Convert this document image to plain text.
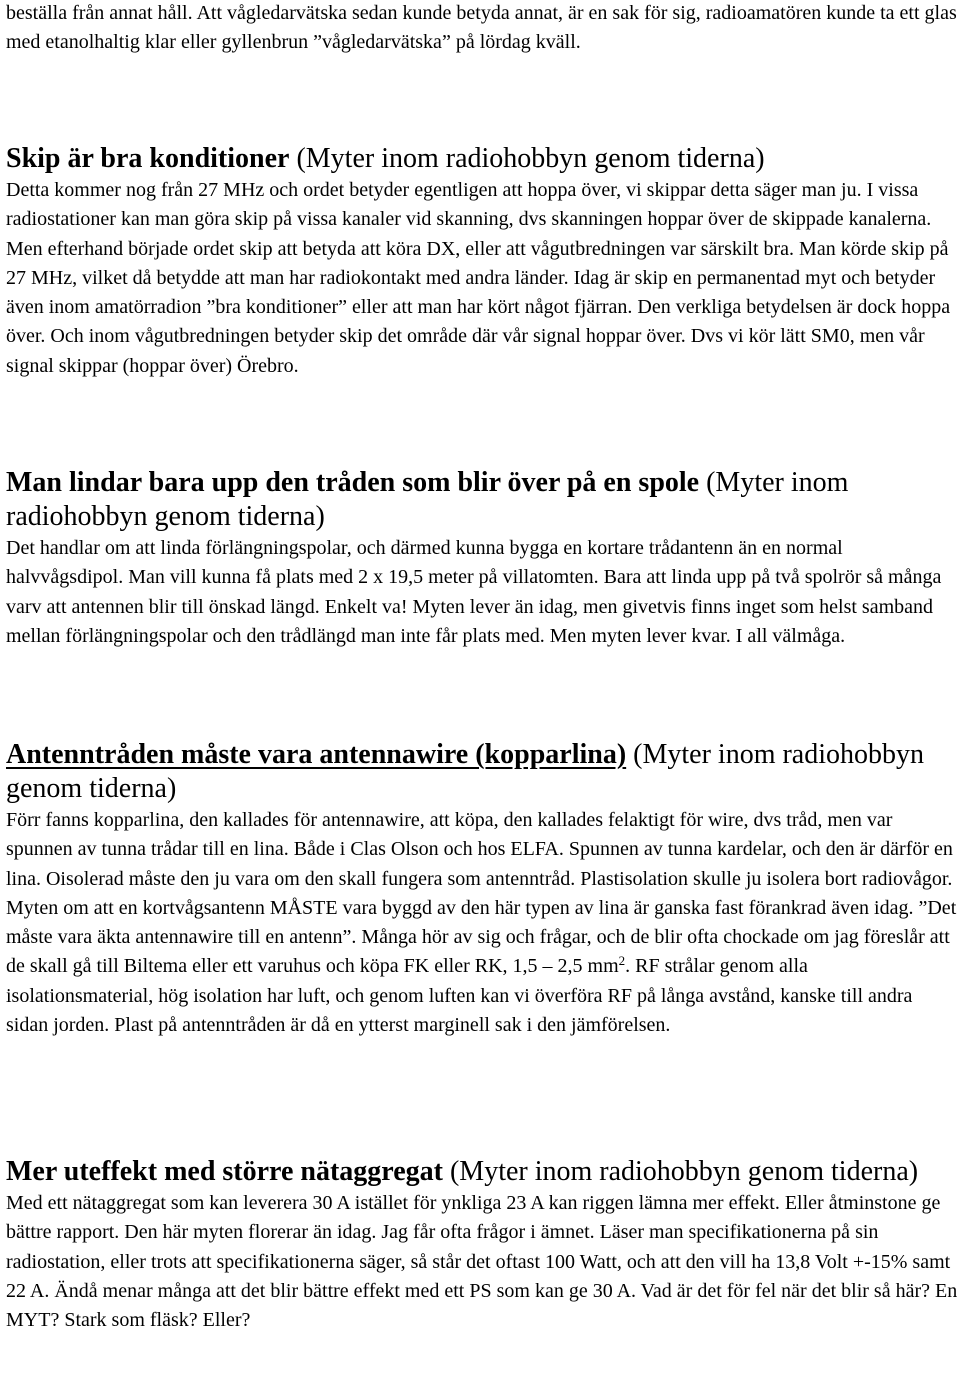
beställa från annat håll. Att vågledarvätska sedan kunde betyda annat, är en sak för sig, radioamatören kunde ta ett glas med etanolhaltig klar eller gyllenbrun ”vågledarvätska” på lördag kväll.

Skip är bra konditioner (Myter inom radiohobbyn genom tiderna)

Detta kommer nog från 27 MHz och ordet betyder egentligen att hoppa över, vi skippar detta säger man ju. I vissa radiostationer kan man göra skip på vissa kanaler vid skanning, dvs skanningen hoppar över de skippade kanalerna. Men efterhand började ordet skip att betyda att köra DX, eller att vågutbredningen var särskilt bra. Man körde skip på 27 MHz, vilket då betydde att man har radiokontakt med andra länder. Idag är skip en permanentad myt och betyder även inom amatörradion ”bra konditioner” eller att man har kört något fjärran. Den verkliga betydelsen är dock hoppa över. Och inom vågutbredningen betyder skip det område där vår signal hoppar över. Dvs vi kör lätt SM0, men vår signal skippar (hoppar över) Örebro.

Man lindar bara upp den tråden som blir över på en spole (Myter inom radiohobbyn genom tiderna)

Det handlar om att linda förlängningspolar, och därmed kunna bygga en kortare trådantenn än en normal halvvågsdipol. Man vill kunna få plats med 2 x 19,5 meter på villatomten. Bara att linda upp på två spolrör så många varv att antennen blir till önskad längd. Enkelt va! Myten lever än idag, men givetvis finns inget som helst samband mellan förlängningspolar och den trådlängd man inte får plats med. Men myten lever kvar. I all välmåga.

Antenntråden måste vara antennawire (kopparlina) (Myter inom radiohobbyn genom tiderna)

Förr fanns kopparlina, den kallades för antennawire, att köpa, den kallades felaktigt för wire, dvs tråd, men var spunnen av tunna trådar till en lina. Både i Clas Olson och hos ELFA. Spunnen av tunna kardelar, och den är därför en lina. Oisolerad måste den ju vara om den skall fungera som antenntråd. Plastisolation skulle ju isolera bort radiovågor. Myten om att en kortvågsantenn MÅSTE vara byggd av den här typen av lina är ganska fast förankrad även idag. ”Det måste vara äkta antennawire till en antenn”. Många hör av sig och frågar, och de blir ofta chockade om jag föreslår att de skall gå till Biltema eller ett varuhus och köpa FK eller RK, 1,5 – 2,5 $mm^2$. RF strålar genom alla isolationsmaterial, hög isolation har luft, och genom luften kan vi överföra RF på långa avstånd, kanske till andra sidan jorden. Plast på antenntråden är då en ytterst marginell sak i den jämförelsen.

Mer uteffekt med större nätaggregat (Myter inom radiohobbyn genom tiderna)

Med ett nätaggregat som kan leverera 30 A istället för ynkliga 23 A kan riggen lämna mer effekt. Eller åtminstone ge bättre rapport. Den här myten florerar än idag. Jag får ofta frågor i ämnet. Läser man specifikationerna på sin radiostation, eller trots att specifikationerna säger, så står det oftast 100 Watt, och att den vill ha 13,8 Volt +-15% samt 22 A. Ändå menar många att det blir bättre effekt med ett PS som kan ge 30 A. Vad är det för fel när det blir så här? En MYT? Stark som fläsk? Eller?
